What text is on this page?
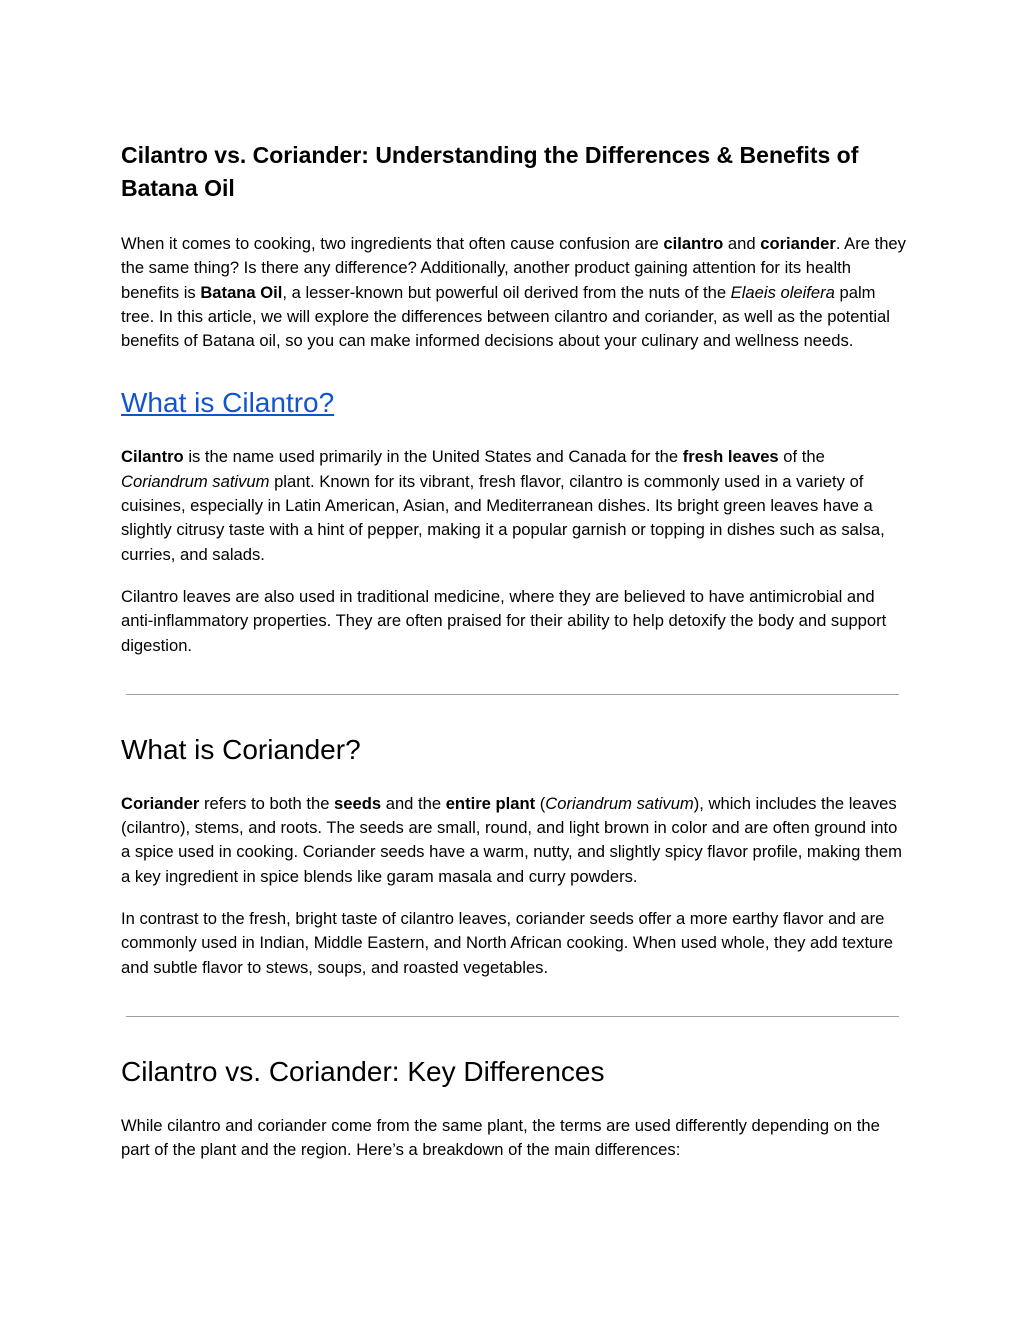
Cilantro vs. Coriander: Understanding the Differences & Benefits of Batana Oil

When it comes to cooking, two ingredients that often cause confusion are cilantro and coriander. Are they the same thing? Is there any difference? Additionally, another product gaining attention for its health benefits is Batana Oil, a lesser-known but powerful oil derived from the nuts of the Elaeis oleifera palm tree. In this article, we will explore the differences between cilantro and coriander, as well as the potential benefits of Batana oil, so you can make informed decisions about your culinary and wellness needs.

What is Cilantro?

Cilantro is the name used primarily in the United States and Canada for the fresh leaves of the Coriandrum sativum plant. Known for its vibrant, fresh flavor, cilantro is commonly used in a variety of cuisines, especially in Latin American, Asian, and Mediterranean dishes. Its bright green leaves have a slightly citrusy taste with a hint of pepper, making it a popular garnish or topping in dishes such as salsa, curries, and salads.

Cilantro leaves are also used in traditional medicine, where they are believed to have antimicrobial and anti-inflammatory properties. They are often praised for their ability to help detoxify the body and support digestion.

What is Coriander?

Coriander refers to both the seeds and the entire plant (Coriandrum sativum), which includes the leaves (cilantro), stems, and roots. The seeds are small, round, and light brown in color and are often ground into a spice used in cooking. Coriander seeds have a warm, nutty, and slightly spicy flavor profile, making them a key ingredient in spice blends like garam masala and curry powders.

In contrast to the fresh, bright taste of cilantro leaves, coriander seeds offer a more earthy flavor and are commonly used in Indian, Middle Eastern, and North African cooking. When used whole, they add texture and subtle flavor to stews, soups, and roasted vegetables.

Cilantro vs. Coriander: Key Differences

While cilantro and coriander come from the same plant, the terms are used differently depending on the part of the plant and the region. Here’s a breakdown of the main differences:
